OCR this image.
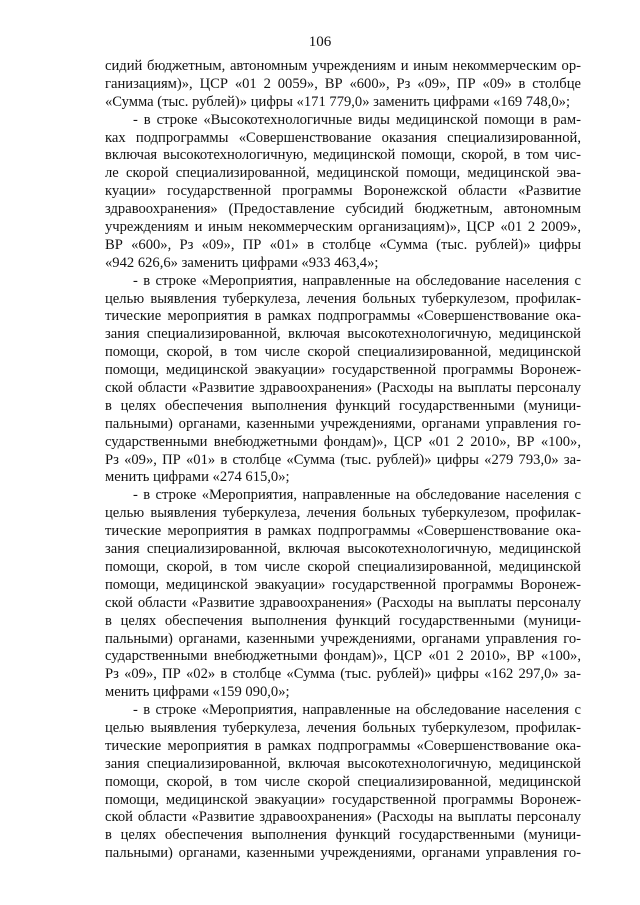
106
сидий бюджетным, автономным учреждениям и иным некоммерческим ор-
ганизациям)», ЦСР «01 2 0059», ВР «600», Рз «09», ПР «09» в столбце
«Сумма (тыс. рублей)» цифры «171 779,0» заменить цифрами «169 748,0»;
- в строке «Высокотехнологичные виды медицинской помощи в рам-
ках подпрограммы «Совершенствование оказания специализированной,
включая высокотехнологичную, медицинской помощи, скорой, в том чис-
ле скорой специализированной, медицинской помощи, медицинской эва-
куации» государственной программы Воронежской области «Развитие
здравоохранения» (Предоставление субсидий бюджетным, автономным
учреждениям и иным некоммерческим организациям)», ЦСР «01 2 2009»,
ВР «600», Рз «09», ПР «01» в столбце «Сумма (тыс. рублей)» цифры
«942 626,6» заменить цифрами «933 463,4»;
- в строке «Мероприятия, направленные на обследование населения с
целью выявления туберкулеза, лечения больных туберкулезом, профилак-
тические мероприятия в рамках подпрограммы «Совершенствование ока-
зания специализированной, включая высокотехнологичную, медицинской
помощи, скорой, в том числе скорой специализированной, медицинской
помощи, медицинской эвакуации» государственной программы Воронеж-
ской области «Развитие здравоохранения» (Расходы на выплаты персоналу
в целях обеспечения выполнения функций государственными (муници-
пальными) органами, казенными учреждениями, органами управления го-
сударственными внебюджетными фондам)», ЦСР «01 2 2010», ВР «100»,
Рз «09», ПР «01» в столбце «Сумма (тыс. рублей)» цифры «279 793,0» за-
менить цифрами «274 615,0»;
- в строке «Мероприятия, направленные на обследование населения с
целью выявления туберкулеза, лечения больных туберкулезом, профилак-
тические мероприятия в рамках подпрограммы «Совершенствование ока-
зания специализированной, включая высокотехнологичную, медицинской
помощи, скорой, в том числе скорой специализированной, медицинской
помощи, медицинской эвакуации» государственной программы Воронеж-
ской области «Развитие здравоохранения» (Расходы на выплаты персоналу
в целях обеспечения выполнения функций государственными (муници-
пальными) органами, казенными учреждениями, органами управления го-
сударственными внебюджетными фондам)», ЦСР «01 2 2010», ВР «100»,
Рз «09», ПР «02» в столбце «Сумма (тыс. рублей)» цифры «162 297,0» за-
менить цифрами «159 090,0»;
- в строке «Мероприятия, направленные на обследование населения с
целью выявления туберкулеза, лечения больных туберкулезом, профилак-
тические мероприятия в рамках подпрограммы «Совершенствование ока-
зания специализированной, включая высокотехнологичную, медицинской
помощи, скорой, в том числе скорой специализированной, медицинской
помощи, медицинской эвакуации» государственной программы Воронеж-
ской области «Развитие здравоохранения» (Расходы на выплаты персоналу
в целях обеспечения выполнения функций государственными (муници-
пальными) органами, казенными учреждениями, органами управления го-
